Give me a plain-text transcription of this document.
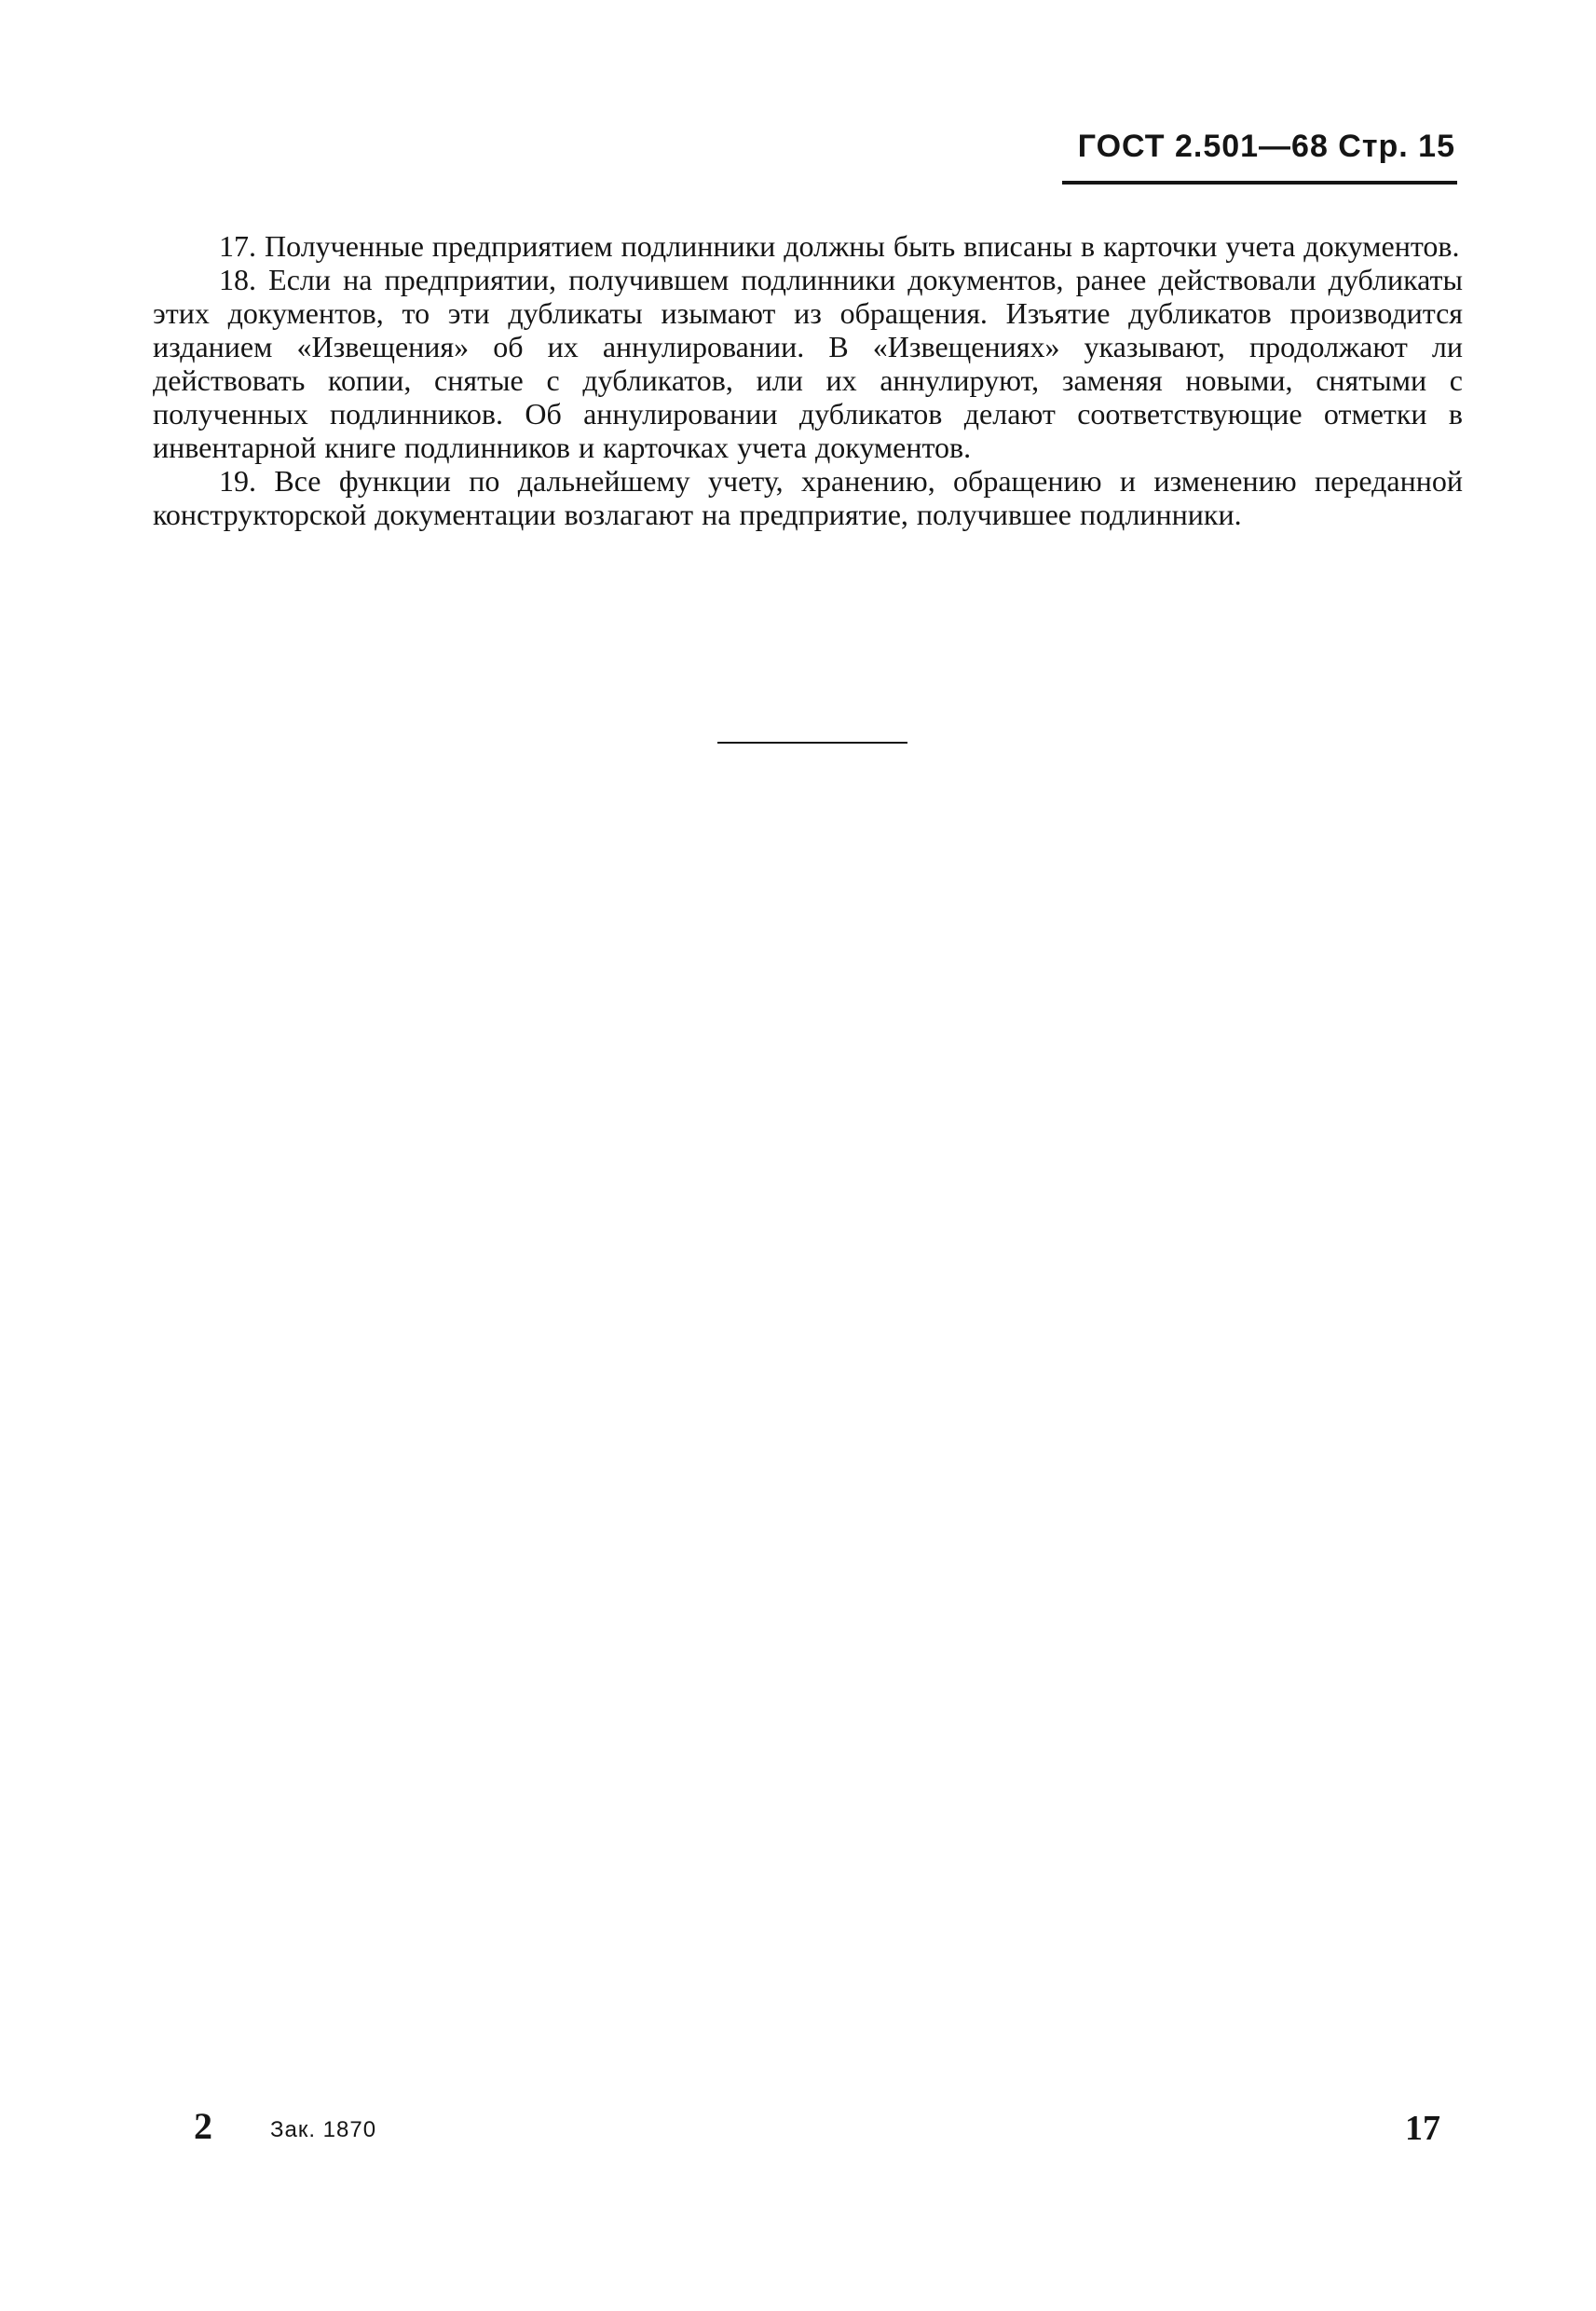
ГОСТ 2.501—68 Стр. 15

17. Полученные предприятием подлинники должны быть вписаны в карточки учета документов.

18. Если на предприятии, получившем подлинники документов, ранее действовали дубликаты этих документов, то эти дубликаты изымают из обращения. Изъятие дубликатов производится изданием «Извещения» об их аннулировании. В «Извещениях» указывают, продолжают ли действовать копии, снятые с дубликатов, или их аннулируют, заменяя новыми, снятыми с полученных подлинников. Об аннулировании дубликатов делают соответствующие отметки в инвентарной книге подлинников и карточках учета документов.

19. Все функции по дальнейшему учету, хранению, обращению и изменению переданной конструкторской документации возлагают на предприятие, получившее подлинники.

2	Зак. 1870	17
